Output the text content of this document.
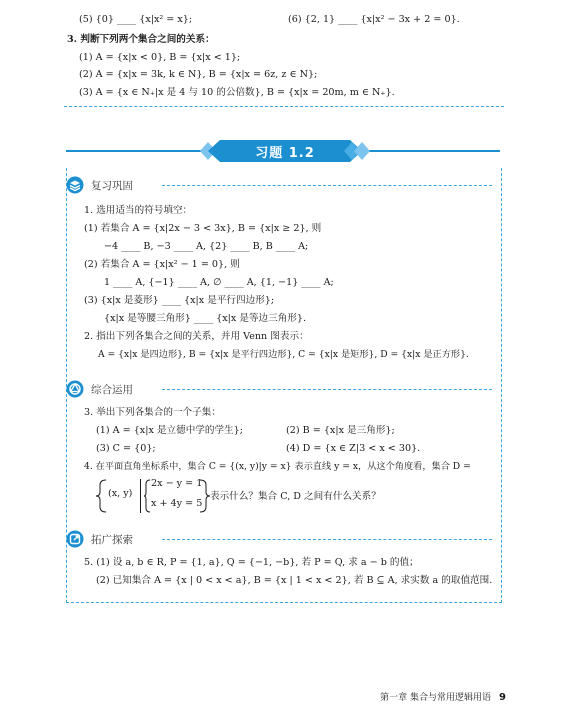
(5) {0} ____ {x|x² = x};	(6) {2, 1} ____ {x|x² − 3x + 2 = 0}.
3. 判断下列两个集合之间的关系：
(1) A = {x|x < 0}, B = {x|x < 1};
(2) A = {x|x = 3k, k ∈ N}, B = {x|x = 6z, z ∈ N};
(3) A = {x ∈ N₊|x 是 4 与 10 的公倍数}, B = {x|x = 20m, m ∈ N₊}.
习题 1.2
复习巩固
1. 选用适当的符号填空：
(1) 若集合 A = {x|2x − 3 < 3x}, B = {x|x ≥ 2}, 则
−4 ____ B, −3 ____ A, {2} ____ B, B ____ A;
(2) 若集合 A = {x|x² − 1 = 0}, 则
1 ____ A, {−1} ____ A, ∅ ____ A, {1, −1} ____ A;
(3) {x|x 是菱形} ____ {x|x 是平行四边形};
{x|x 是等腰三角形} ____ {x|x 是等边三角形}.
2. 指出下列各集合之间的关系，并用 Venn 图表示：
A = {x|x 是四边形}, B = {x|x 是平行四边形}, C = {x|x 是矩形}, D = {x|x 是正方形}.
综合运用
3. 举出下列各集合的一个子集：
(1) A = {x|x 是立德中学的学生};	(2) B = {x|x 是三角形};
(3) C = {0};	(4) D = {x ∈ Z|3 < x < 30}.
4. 在平面直角坐标系中，集合 C = {(x, y)|y = x} 表示直线 y = x，从这个角度看，集合 D =
(x, y)
2x − y = 1
x + 4y = 5
表示什么？集合 C, D 之间有什么关系？
拓广探索
5. (1) 设 a, b ∈ R, P = {1, a}, Q = {−1, −b}, 若 P = Q, 求 a − b 的值；
(2) 已知集合 A = {x | 0 < x < a}, B = {x | 1 < x < 2}, 若 B ⊆ A, 求实数 a 的取值范围.
第一章 集合与常用逻辑用语 9
